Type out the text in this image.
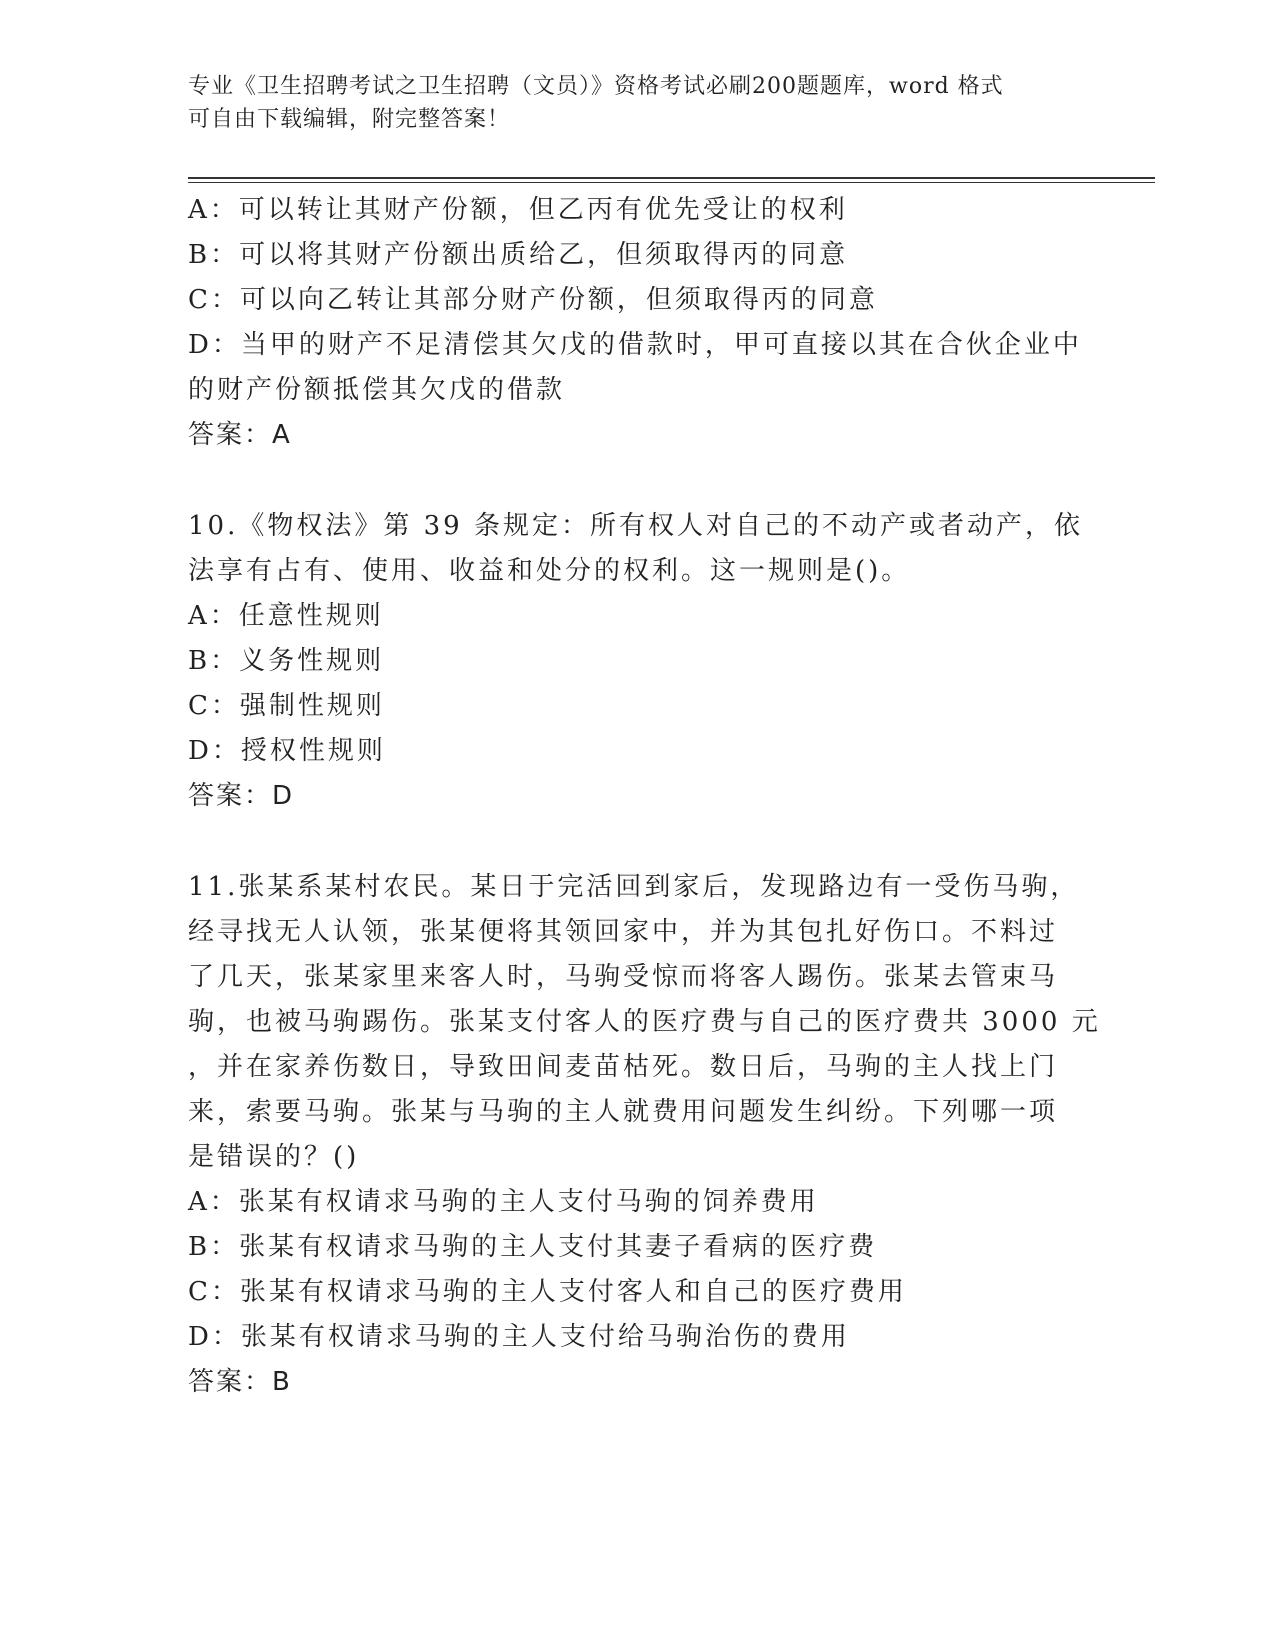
专业《卫生招聘考试之卫生招聘（文员）》资格考试必刷200题题库，word 格式
可自由下载编辑，附完整答案！
A：可以转让其财产份额，但乙丙有优先受让的权利
B：可以将其财产份额出质给乙，但须取得丙的同意
C：可以向乙转让其部分财产份额，但须取得丙的同意
D：当甲的财产不足清偿其欠戊的借款时，甲可直接以其在合伙企业中
的财产份额抵偿其欠戊的借款
答案：A
10.《物权法》第 39 条规定：所有权人对自己的不动产或者动产，依
法享有占有、使用、收益和处分的权利。这一规则是()。
A：任意性规则
B：义务性规则
C：强制性规则
D：授权性规则
答案：D
11.张某系某村农民。某日于完活回到家后，发现路边有一受伤马驹，
经寻找无人认领，张某便将其领回家中，并为其包扎好伤口。不料过
了几天，张某家里来客人时，马驹受惊而将客人踢伤。张某去管束马
驹，也被马驹踢伤。张某支付客人的医疗费与自己的医疗费共 3000 元
，并在家养伤数日，导致田间麦苗枯死。数日后，马驹的主人找上门
来，索要马驹。张某与马驹的主人就费用问题发生纠纷。下列哪一项
是错误的？()
A：张某有权请求马驹的主人支付马驹的饲养费用
B：张某有权请求马驹的主人支付其妻子看病的医疗费
C：张某有权请求马驹的主人支付客人和自己的医疗费用
D：张某有权请求马驹的主人支付给马驹治伤的费用
答案：B
